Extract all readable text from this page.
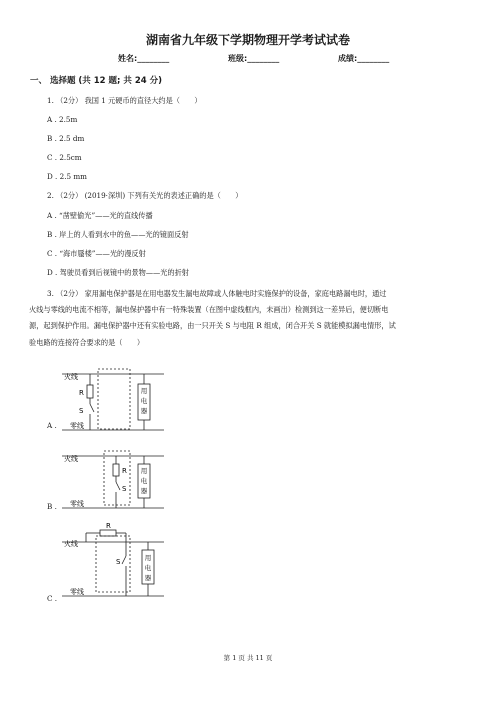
湖南省九年级下学期物理开学考试试卷
姓名:________	班级:________	成绩:________
一、 选择题 (共 12 题; 共 24 分)
1. （2分） 我国 1 元硬币的直径大约是（　　）
A . 2.5m
B . 2.5 dm
C . 2.5cm
D . 2.5 mm
2. （2分） (2019·深圳) 下列有关光的表述正确的是（　　）
A . “凿壁偷光”——光的直线传播
B . 岸上的人看到水中的鱼——光的镜面反射
C . “海市蜃楼”——光的漫反射
D . 驾驶员看到后视镜中的景物——光的折射
3. （2分） 家用漏电保护器是在用电器发生漏电故障或人体触电时实施保护的设备，家庭电路漏电时，通过
火线与零线的电流不相等，漏电保护器中有一特殊装置（在图中虚线框内，未画出）检测到这一差异后，便切断电
源，起到保护作用。漏电保护器中还有实验电路，由一只开关 S 与电阻 R 组成，闭合开关 S 就能模拟漏电情形，试
验电路的连接符合要求的是（　　）
A .
火线
零线
R
S
用
电
器
B .
火线
零线
R
S
用
电
器
C .
火线
零线
R
S	用
电
器
第 1 页 共 11 页
